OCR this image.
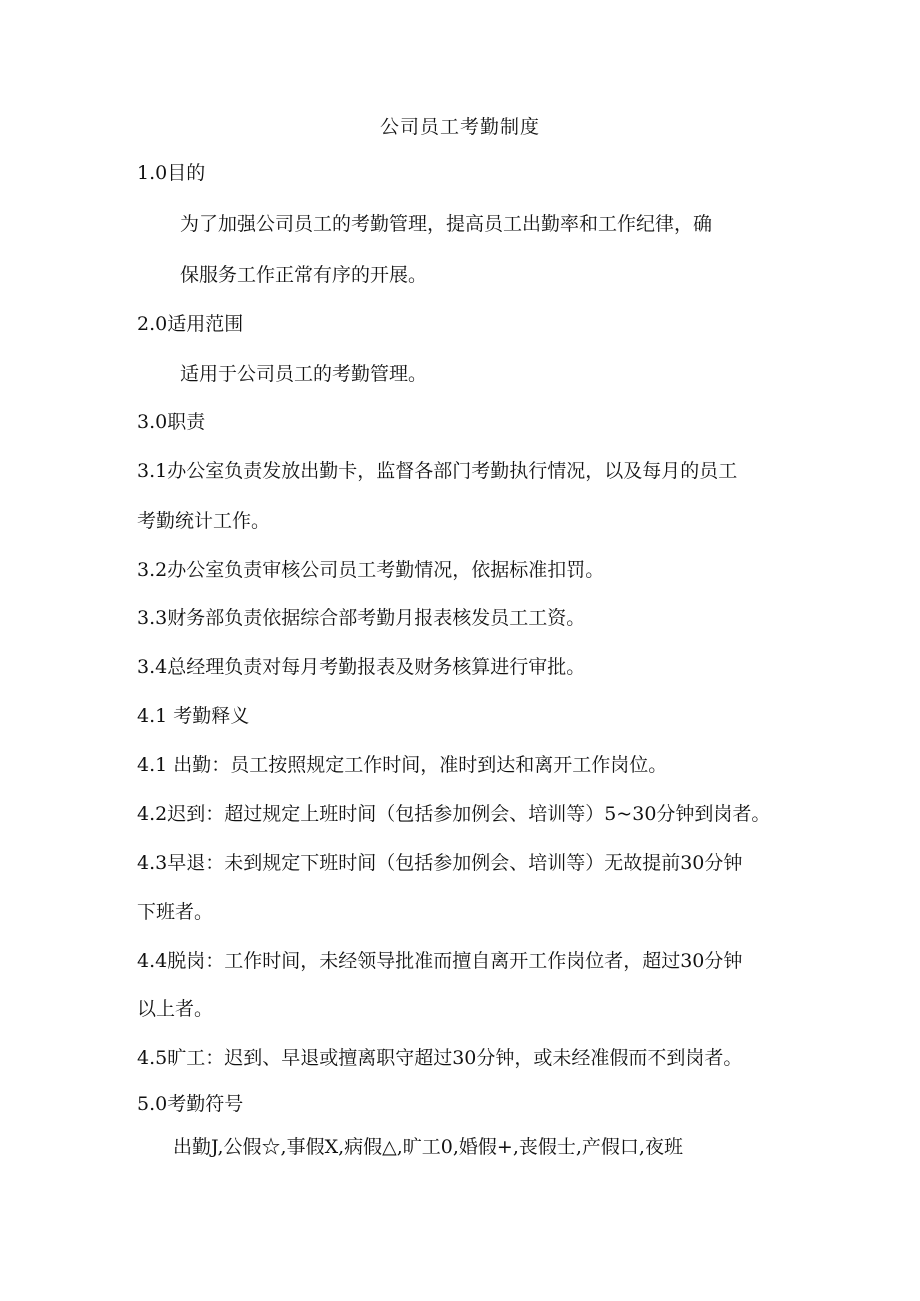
公司员工考勤制度
1.0目的
为了加强公司员工的考勤管理，提高员工出勤率和工作纪律，确
保服务工作正常有序的开展。
2.0适用范围
适用于公司员工的考勤管理。
3.0职责
3.1办公室负责发放出勤卡，监督各部门考勤执行情况，以及每月的员工
考勤统计工作。
3.2办公室负责审核公司员工考勤情况，依据标准扣罚。
3.3财务部负责依据综合部考勤月报表核发员工工资。
3.4总经理负责对每月考勤报表及财务核算进行审批。
4.1 考勤释义
4.1 出勤：员工按照规定工作时间，准时到达和离开工作岗位。
4.2迟到：超过规定上班时间（包括参加例会、培训等）5~30分钟到岗者。
4.3早退：未到规定下班时间（包括参加例会、培训等）无故提前30分钟
下班者。
4.4脱岗：工作时间，未经领导批准而擅自离开工作岗位者，超过30分钟
以上者。
4.5旷工：迟到、早退或擅离职守超过30分钟，或未经准假而不到岗者。
5.0考勤符号
出勤J,公假☆,事假X,病假△,旷工0,婚假+,丧假士,产假口,夜班
